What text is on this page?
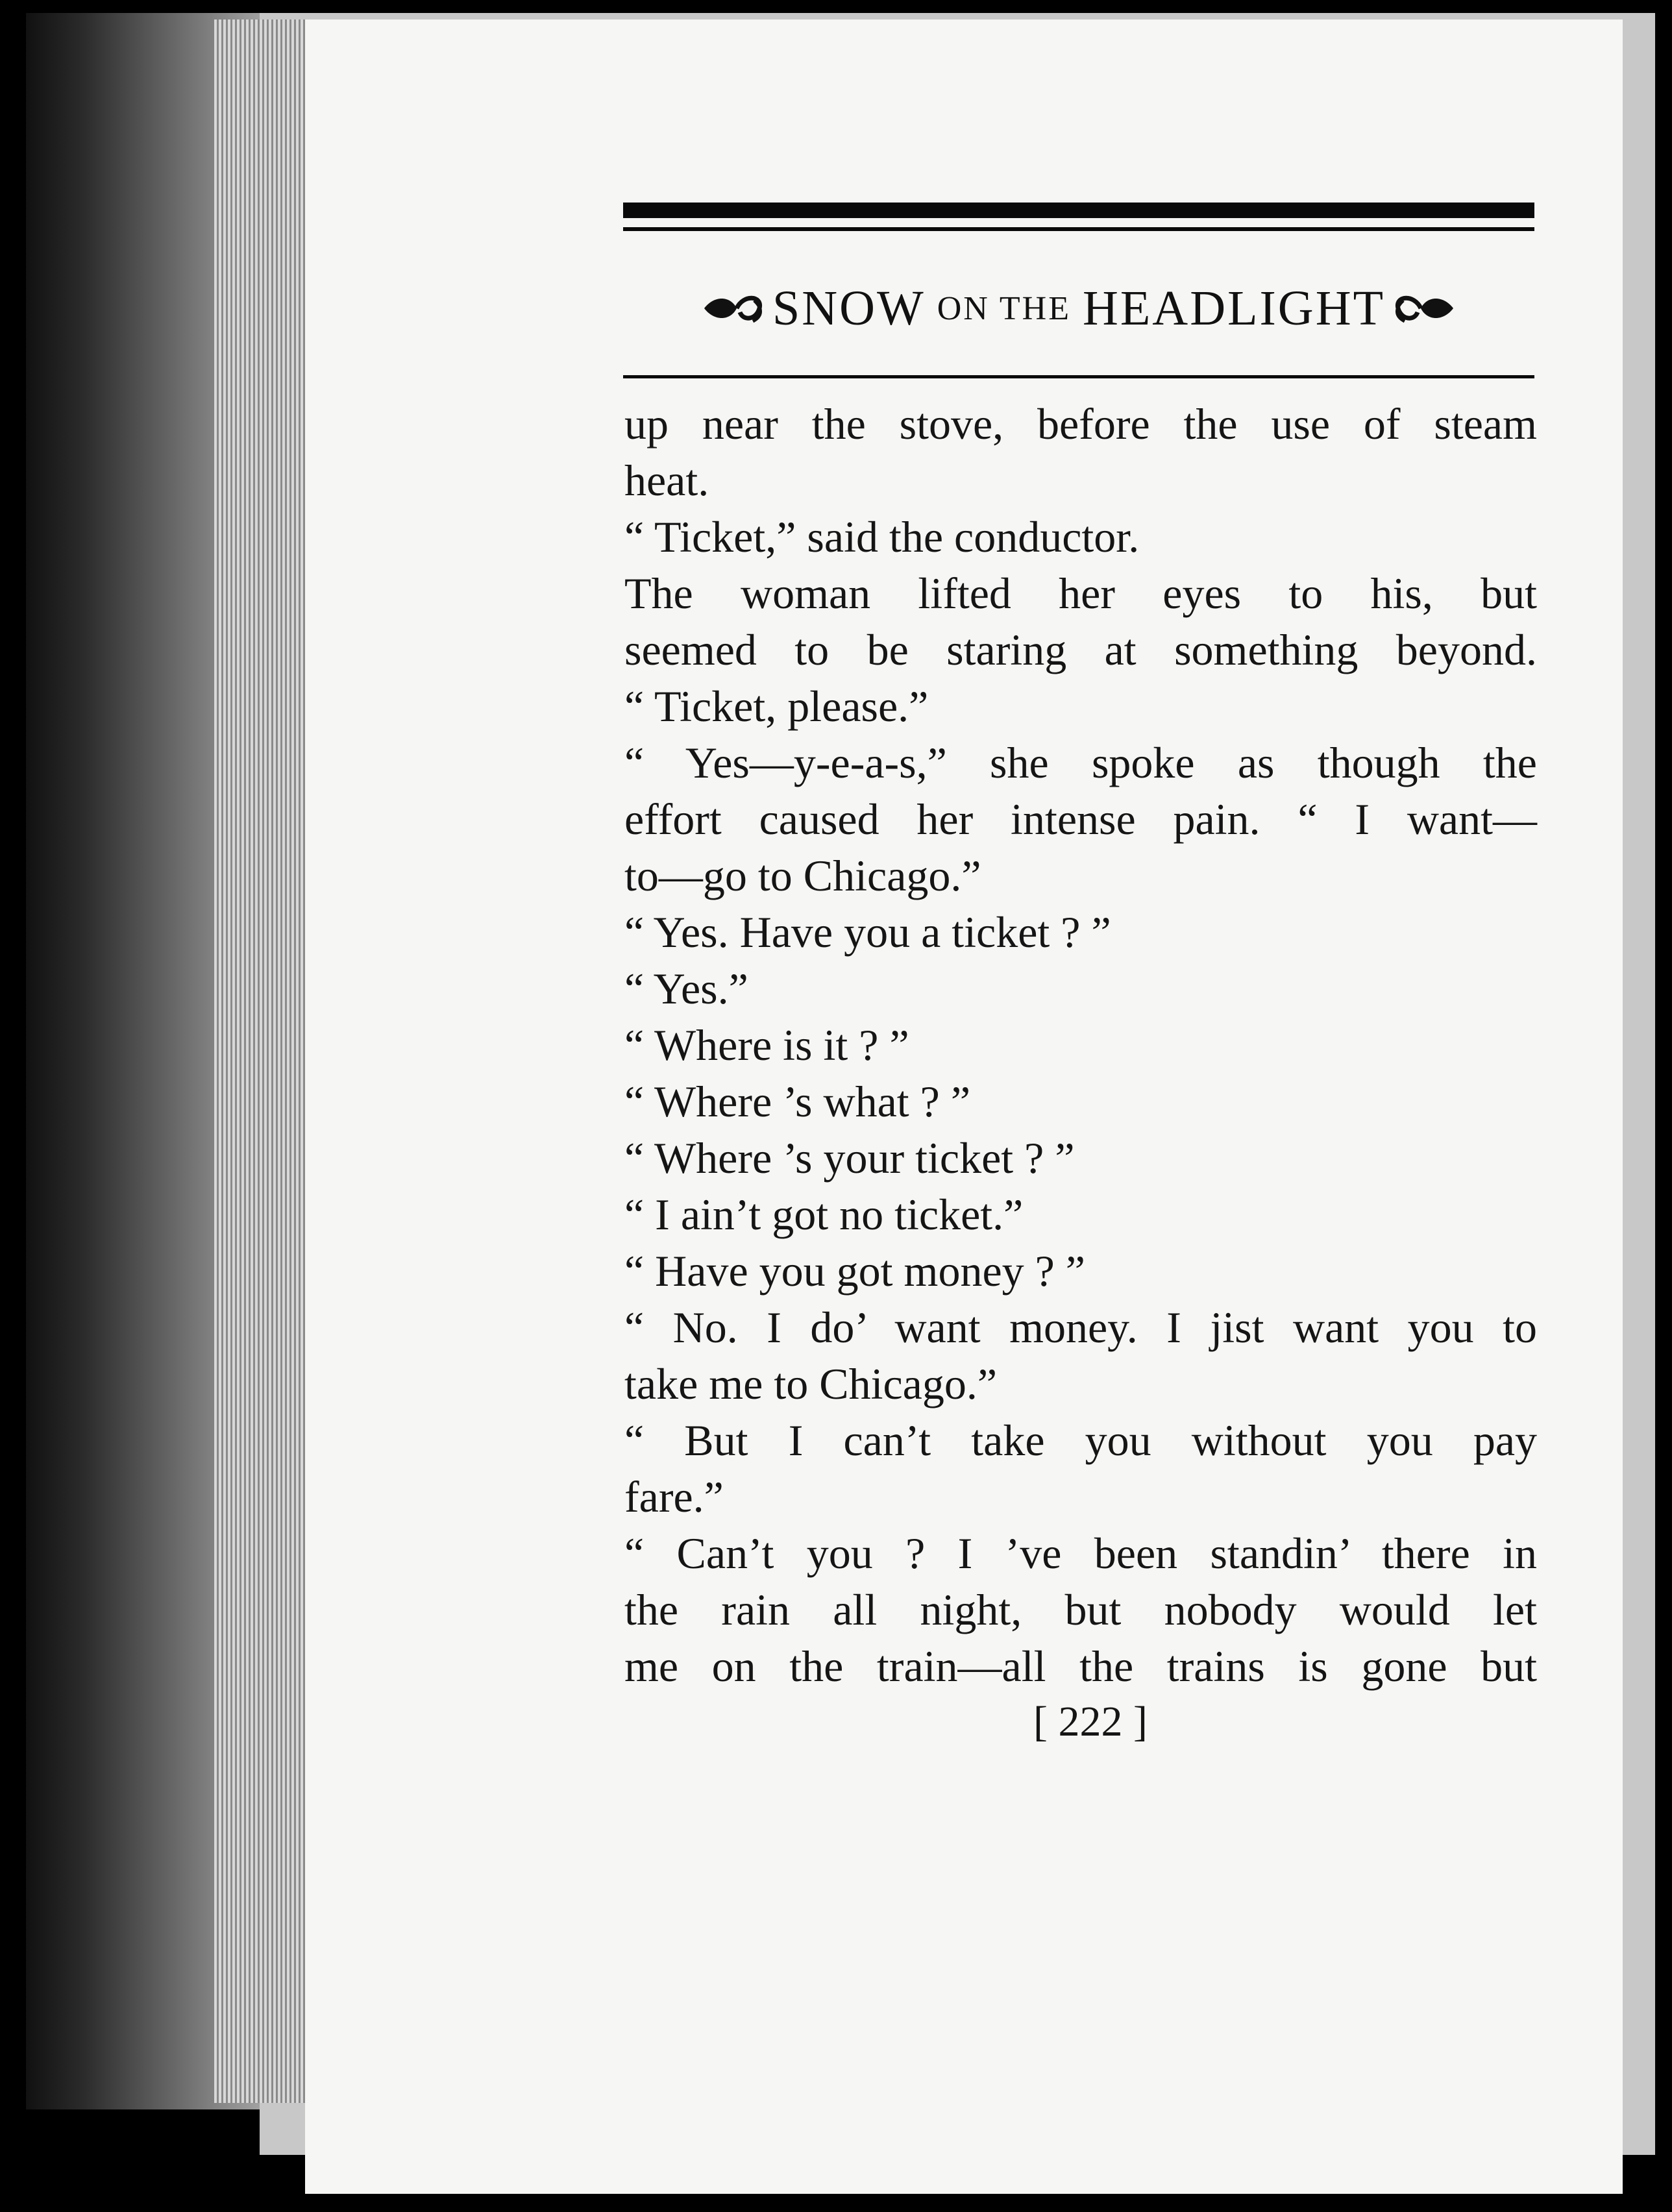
SNOW ON THE HEADLIGHT
up near the stove, before the use of steam
heat.
“ Ticket,” said the conductor.
The woman lifted her eyes to his, but
seemed to be staring at something beyond.
“ Ticket, please.”
“ Yes—y-e-a-s,” she spoke as though the
effort caused her intense pain. “ I want—
to—go to Chicago.”
“ Yes. Have you a ticket ? ”
“ Yes.”
“ Where is it ? ”
“ Where ’s what ? ”
“ Where ’s your ticket ? ”
“ I ain’t got no ticket.”
“ Have you got money ? ”
“ No. I do’ want money. I jist want you to
take me to Chicago.”
“ But I can’t take you without you pay
fare.”
“ Can’t you ? I ’ve been standin’ there in
the rain all night, but nobody would let
me on the train—all the trains is gone but
[ 222 ]
